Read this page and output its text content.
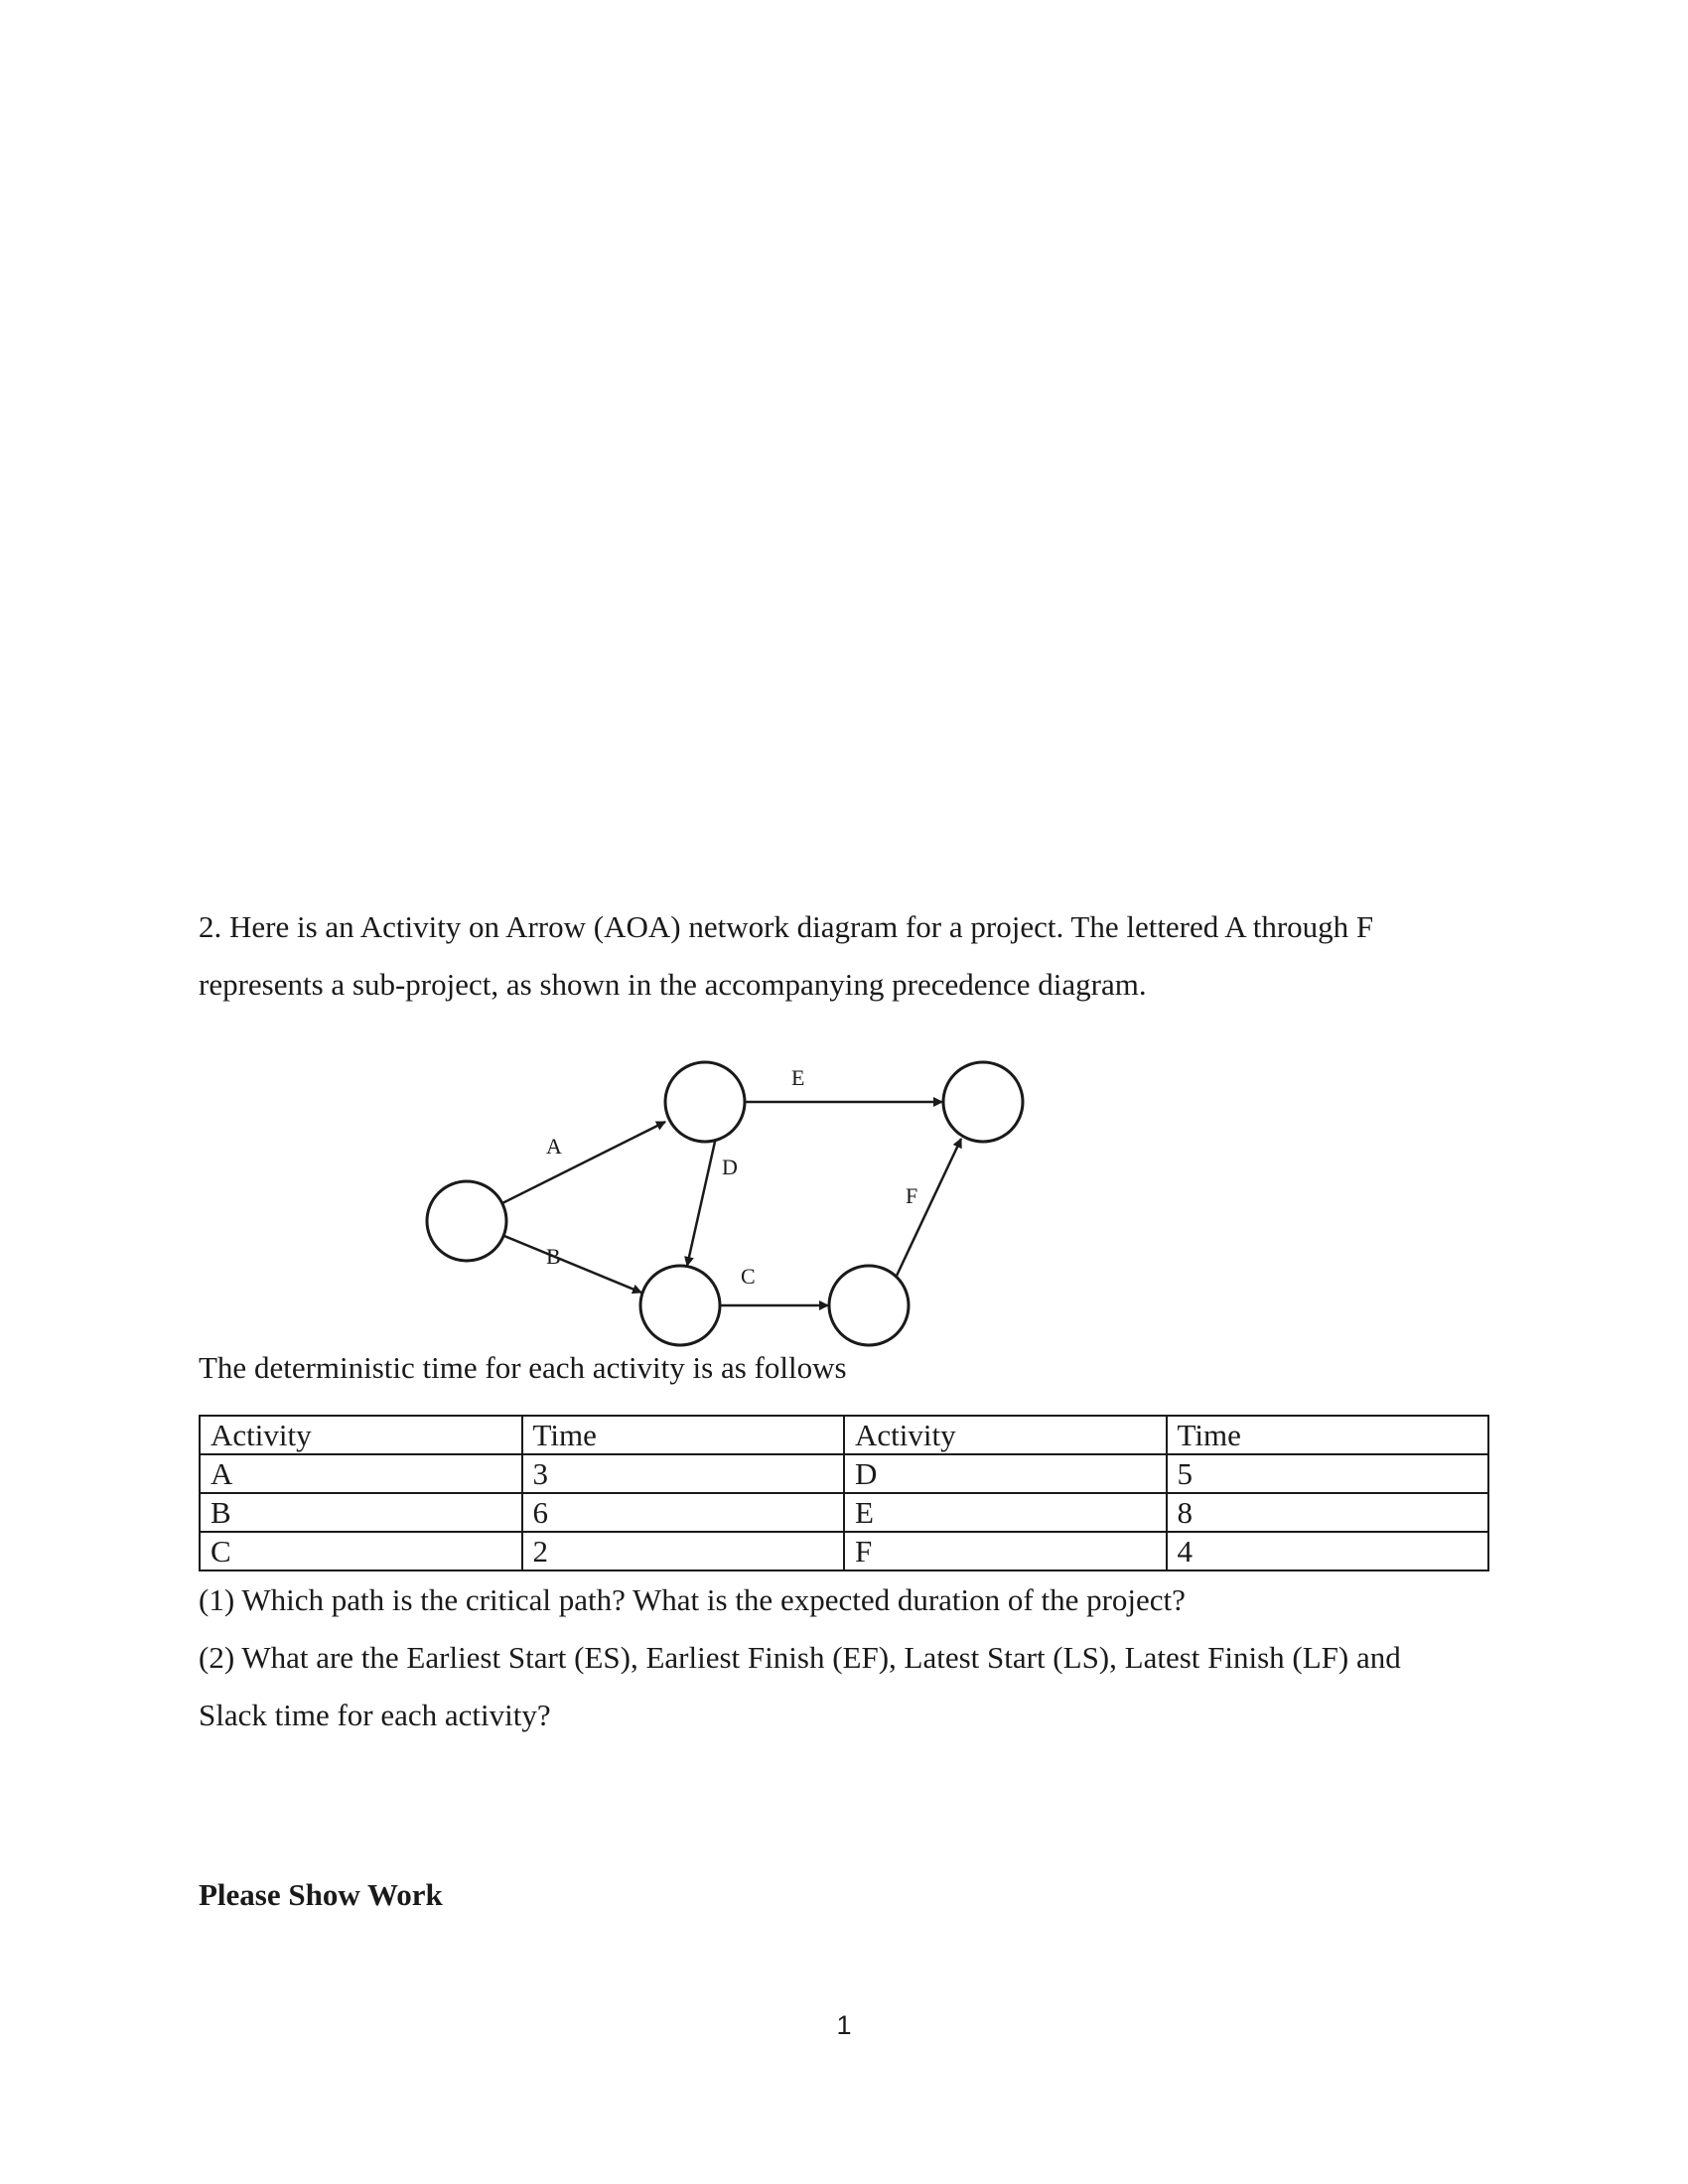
2. Here is an Activity on Arrow (AOA) network diagram for a project. The lettered A through F
represents a sub-project, as shown in the accompanying precedence diagram.

A
B
D
E
C
F

The deterministic time for each activity is as follows

Activity	Time	Activity	Time
A	3	D	5
B	6	E	8
C	2	F	4

(1) Which path is the critical path? What is the expected duration of the project?
(2) What are the Earliest Start (ES), Earliest Finish (EF), Latest Start (LS), Latest Finish (LF) and
Slack time for each activity?

Please Show Work

1
